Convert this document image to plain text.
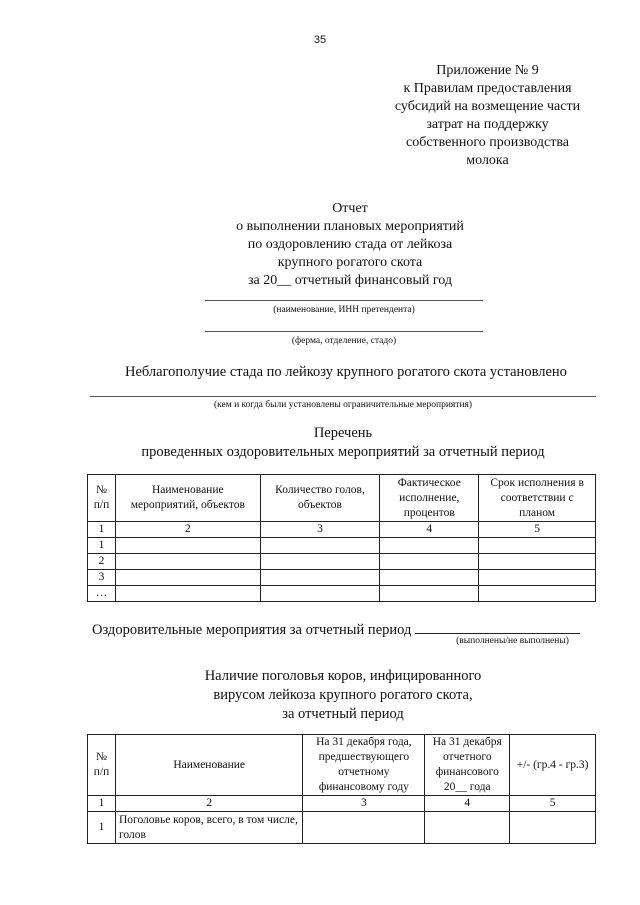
35
Приложение № 9
к Правилам предоставления
субсидий на возмещение части
затрат на поддержку
собственного производства
молока
Отчет
о выполнении плановых мероприятий
по оздоровлению стада от лейкоза
крупного рогатого скота
за 20__ отчетный финансовый год
(наименование, ИНН претендента)
(ферма, отделение, стадо)
Неблагополучие стада по лейкозу крупного рогатого скота установлено
(кем и когда были установлены ограничительные мероприятия)
Перечень
проведенных оздоровительных мероприятий за отчетный период
№ п/п	Наименование мероприятий, объектов	Количество голов, объектов	Фактическое исполнение, процентов	Срок исполнения в соответствии с планом
1	2	3	4	5
1				
2				
3				
…				
Оздоровительные мероприятия за отчетный период
(выполнены/не выполнены)
Наличие поголовья коров, инфицированного
вирусом лейкоза крупного рогатого скота,
за отчетный период
№ п/п	Наименование	На 31 декабря года, предшествующего отчетному финансовому году	На 31 декабря отчетного финансового 20__ года	+/- (гр.4 - гр.3)
1	2	3	4	5
1	Поголовье коров, всего, в том числе, голов			
